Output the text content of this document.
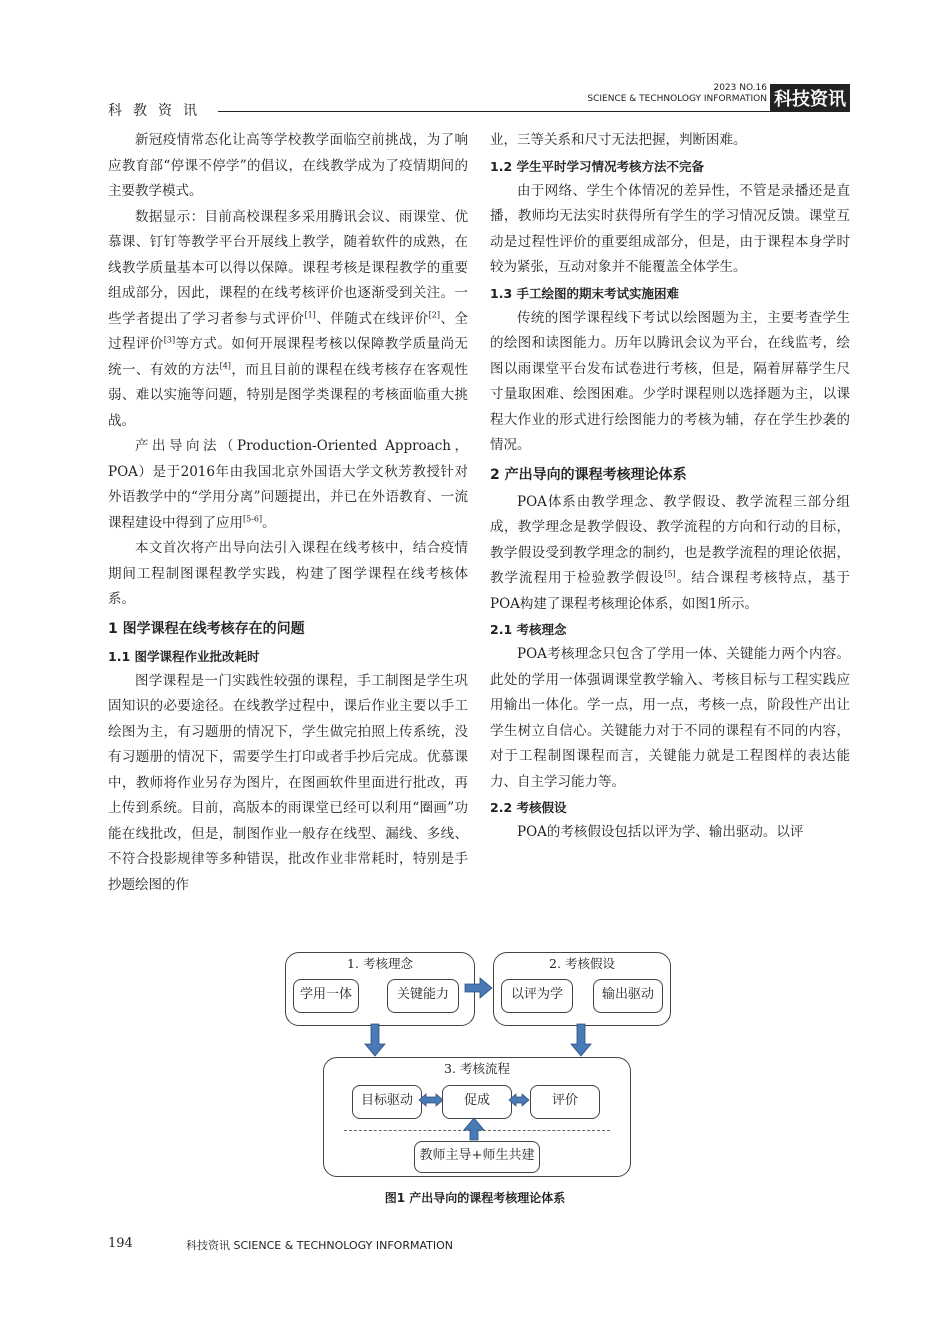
科教资讯
2023 NO.16
SCIENCE & TECHNOLOGY INFORMATION 科技资讯

新冠疫情常态化让高等学校教学面临空前挑战，为了响应教育部“停课不停学”的倡议，在线教学成为了疫情期间的主要教学模式。

数据显示：目前高校课程多采用腾讯会议、雨课堂、优慕课、钉钉等教学平台开展线上教学，随着软件的成熟，在线教学质量基本可以得以保障。课程考核是课程教学的重要组成部分，因此，课程的在线考核评价也逐渐受到关注。一些学者提出了学习者参与式评价[1]、伴随式在线评价[2]、全过程评价[3]等方式。如何开展课程考核以保障教学质量尚无统一、有效的方法[4]，而且目前的课程在线考核存在客观性弱、难以实施等问题，特别是图学类课程的考核面临重大挑战。

产出导向法（Production-Oriented Approach，POA）是于2016年由我国北京外国语大学文秋芳教授针对外语教学中的“学用分离”问题提出，并已在外语教育、一流课程建设中得到了应用[5-6]。

本文首次将产出导向法引入课程在线考核中，结合疫情期间工程制图课程教学实践，构建了图学课程在线考核体系。

1 图学课程在线考核存在的问题
1.1 图学课程作业批改耗时

图学课程是一门实践性较强的课程，手工制图是学生巩固知识的必要途径。在线教学过程中，课后作业主要以手工绘图为主，有习题册的情况下，学生做完拍照上传系统，没有习题册的情况下，需要学生打印或者手抄后完成。优慕课中，教师将作业另存为图片，在图画软件里面进行批改，再上传到系统。目前，高版本的雨课堂已经可以利用“圈画”功能在线批改，但是，制图作业一般存在线型、漏线、多线、不符合投影规律等多种错误，批改作业非常耗时，特别是手抄题绘图的作

业，三等关系和尺寸无法把握，判断困难。

1.2 学生平时学习情况考核方法不完备

由于网络、学生个体情况的差异性，不管是录播还是直播，教师均无法实时获得所有学生的学习情况反馈。课堂互动是过程性评价的重要组成部分，但是，由于课程本身学时较为紧张，互动对象并不能覆盖全体学生。

1.3 手工绘图的期末考试实施困难

传统的图学课程线下考试以绘图题为主，主要考查学生的绘图和读图能力。历年以腾讯会议为平台，在线监考，绘图以雨课堂平台发布试卷进行考核，但是，隔着屏幕学生尺寸量取困难、绘图困难。少学时课程则以选择题为主，以课程大作业的形式进行绘图能力的考核为辅，存在学生抄袭的情况。

2 产出导向的课程考核理论体系

POA体系由教学理念、教学假设、教学流程三部分组成，教学理念是教学假设、教学流程的方向和行动的目标，教学假设受到教学理念的制约，也是教学流程的理论依据，教学流程用于检验教学假设[5]。结合课程考核特点，基于POA构建了课程考核理论体系，如图1所示。

2.1 考核理念

POA考核理念只包含了学用一体、关键能力两个内容。此处的学用一体强调课堂教学输入、考核目标与工程实践应用输出一体化。学一点，用一点，考核一点，阶段性产出让学生树立自信心。关键能力对于不同的课程有不同的内容，对于工程制图课程而言，关键能力就是工程图样的表达能力、自主学习能力等。

2.2 考核假设

POA的考核假设包括以评为学、输出驱动。以评

1. 考核理念
学用一体	关键能力
2. 考核假设
以评为学	输出驱动
3. 考核流程
目标驱动	促成	评价
教师主导+师生共建
图1 产出导向的课程考核理论体系
194	科技资讯 SCIENCE & TECHNOLOGY INFORMATION
